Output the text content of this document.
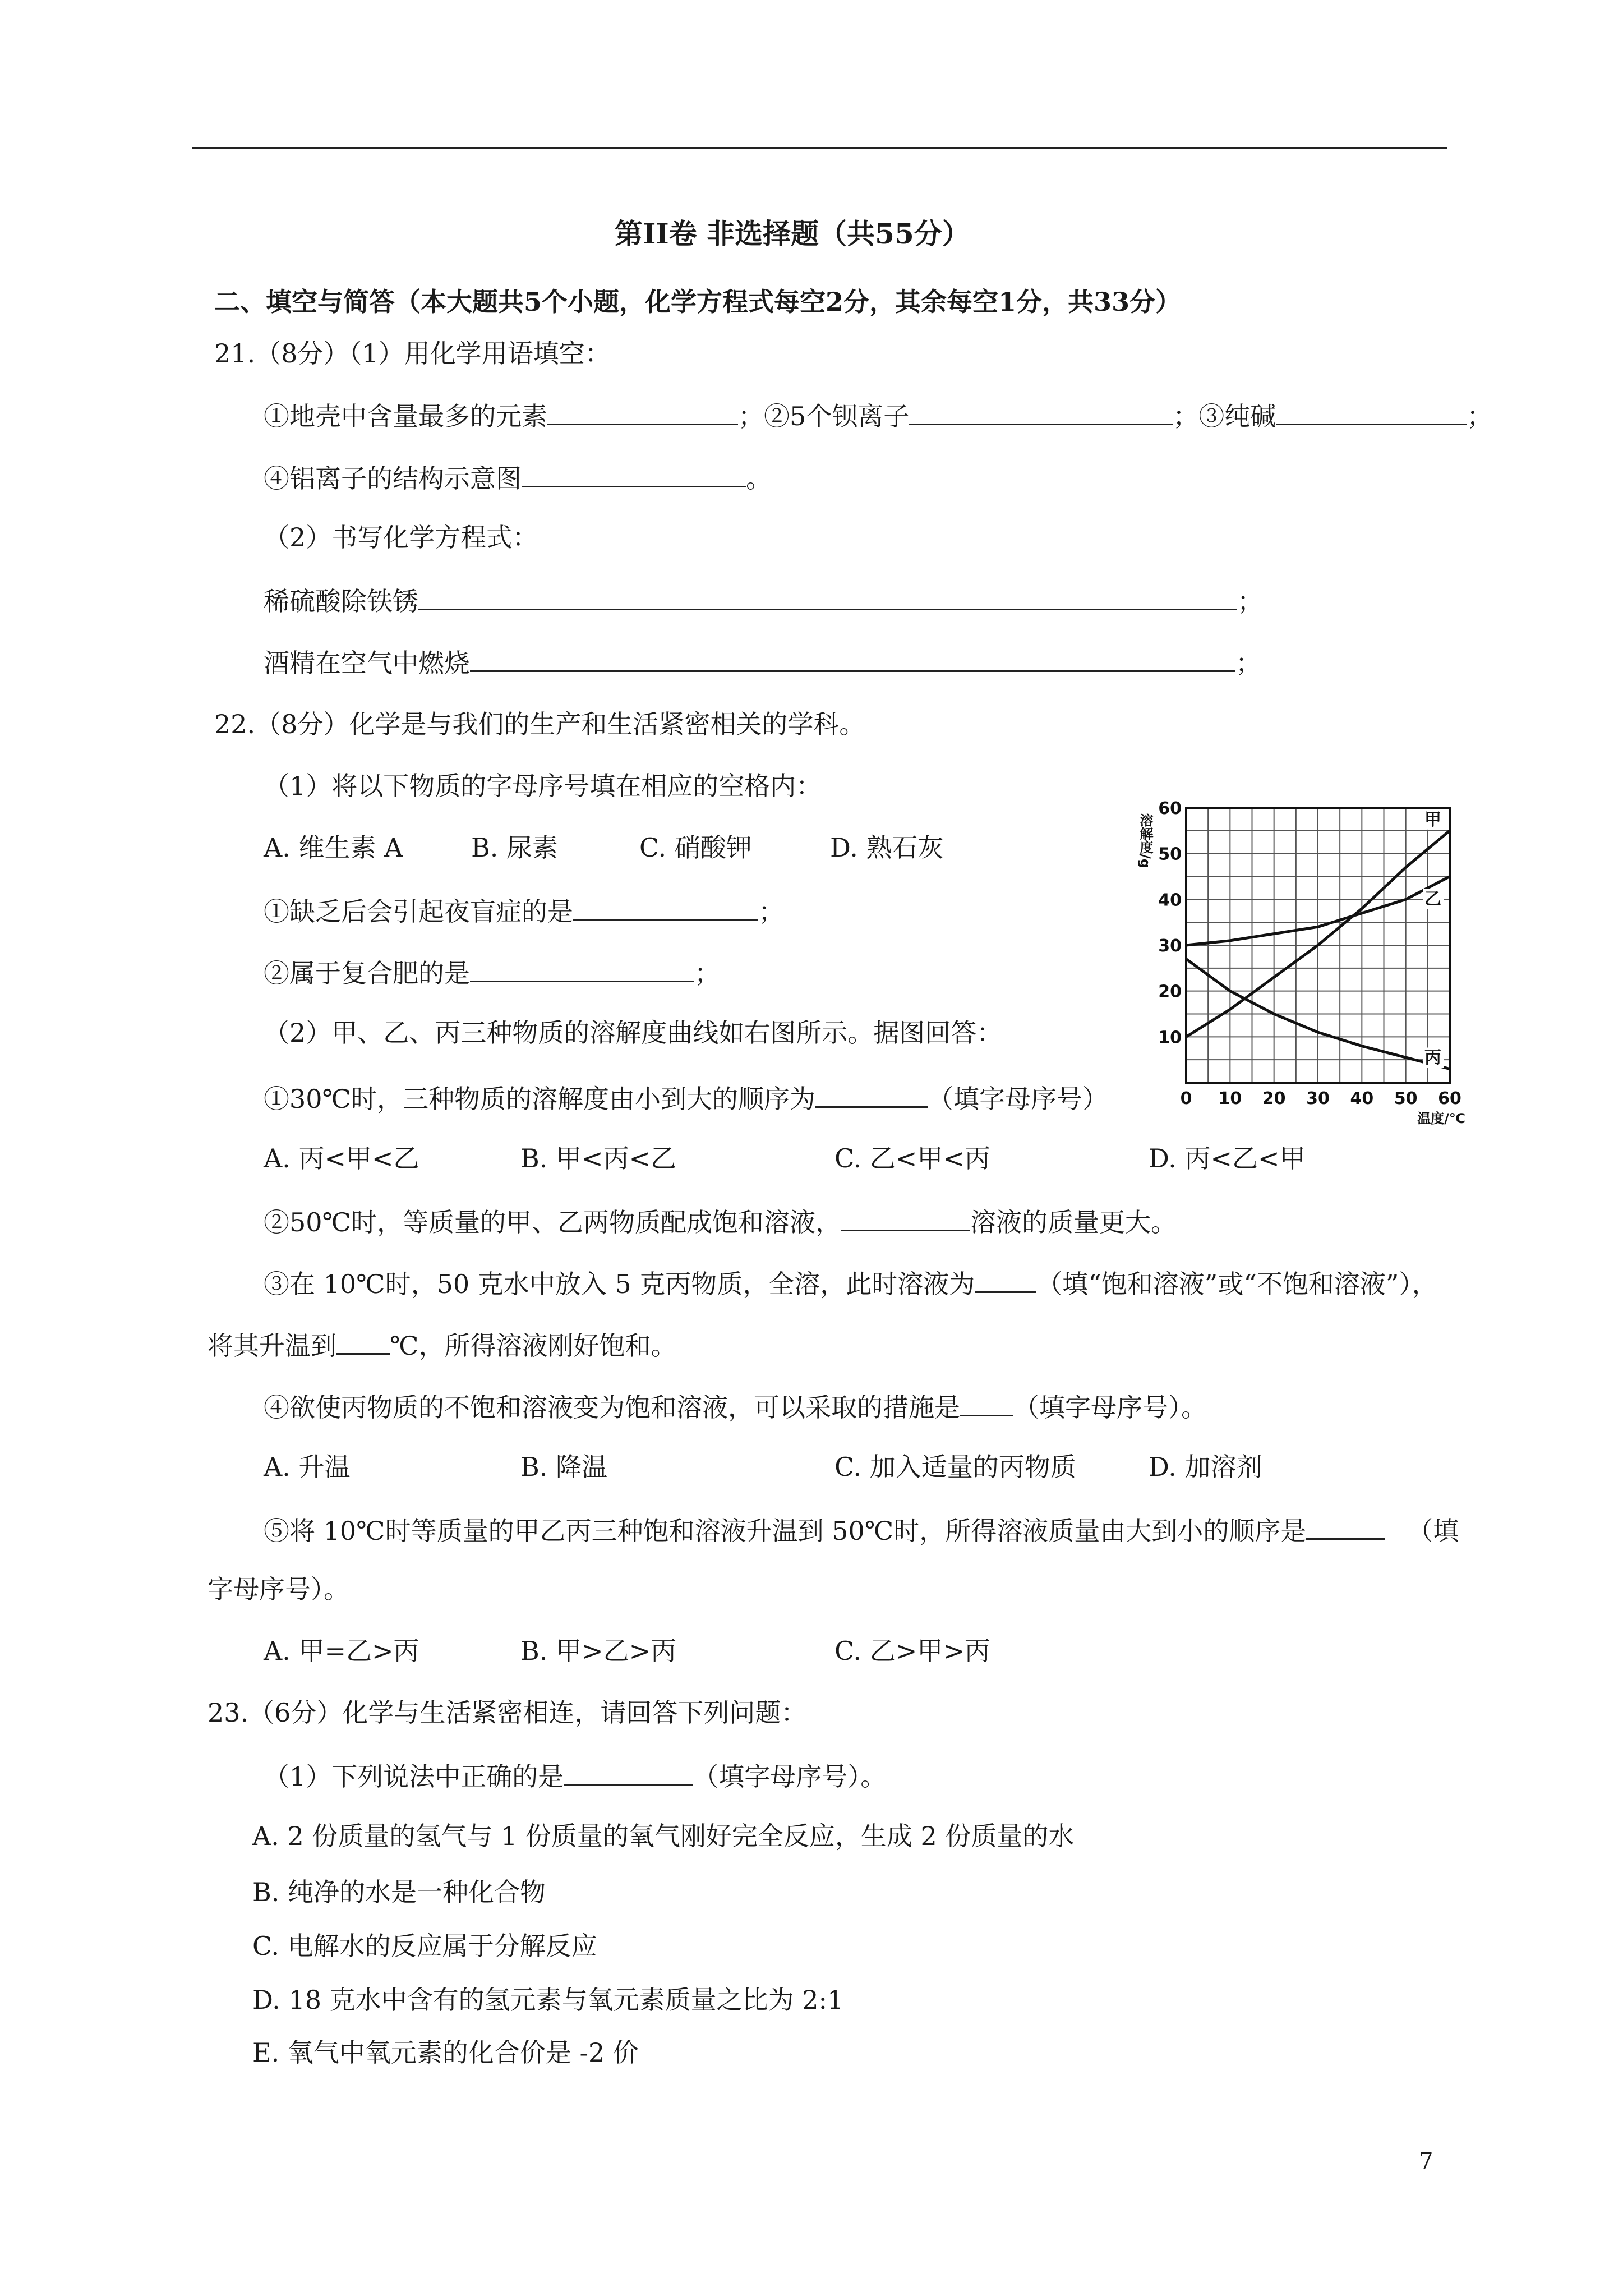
第II卷 非选择题（共55分）
二、填空与简答（本大题共5个小题，化学方程式每空2分，其余每空1分，共33分）
21.（8分）（1）用化学用语填空：
①地壳中含量最多的元素	；②5个钡离子	；③纯碱	；
④铝离子的结构示意图	。
（2）书写化学方程式：
稀硫酸除铁锈	；
酒精在空气中燃烧	；
22.（8分）化学是与我们的生产和生活紧密相关的学科。
（1）将以下物质的字母序号填在相应的空格内：
A. 维生素 A	B. 尿素	C. 硝酸钾	D. 熟石灰
①缺乏后会引起夜盲症的是	；
②属于复合肥的是	；
（2）甲、乙、丙三种物质的溶解度曲线如右图所示。据图回答：
①30℃时，三种物质的溶解度由小到大的顺序为	（填字母序号）
A. 丙<甲<乙	B. 甲<丙<乙	C. 乙<甲<丙	D. 丙<乙<甲
②50℃时，等质量的甲、乙两物质配成饱和溶液，	溶液的质量更大。
③在 10℃时，50 克水中放入 5 克丙物质，全溶，此时溶液为 （填“饱和溶液”或“不饱和溶液”），
将其升温到 ℃，所得溶液刚好饱和。
④欲使丙物质的不饱和溶液变为饱和溶液，可以采取的措施是 （填字母序号）。
A. 升温	B. 降温	C. 加入适量的丙物质	D. 加溶剂
⑤将 10℃时等质量的甲乙丙三种饱和溶液升温到 50℃时，所得溶液质量由大到小的顺序是	（填
字母序号）。
A. 甲=乙>丙	B. 甲>乙>丙	C. 乙>甲>丙
23.（6分）化学与生活紧密相连，请回答下列问题：
（1）下列说法中正确的是	（填字母序号）。
A. 2 份质量的氢气与 1 份质量的氧气刚好完全反应，生成 2 份质量的水
B. 纯净的水是一种化合物
C. 电解水的反应属于分解反应
D. 18 克水中含有的氢元素与氧元素质量之比为 2:1
E. 氧气中氧元素的化合价是 -2 价
7
0 10 20 30 40 50 60
10
20
30
40
50
60
溶解度/g
温度/℃
甲
乙
丙
